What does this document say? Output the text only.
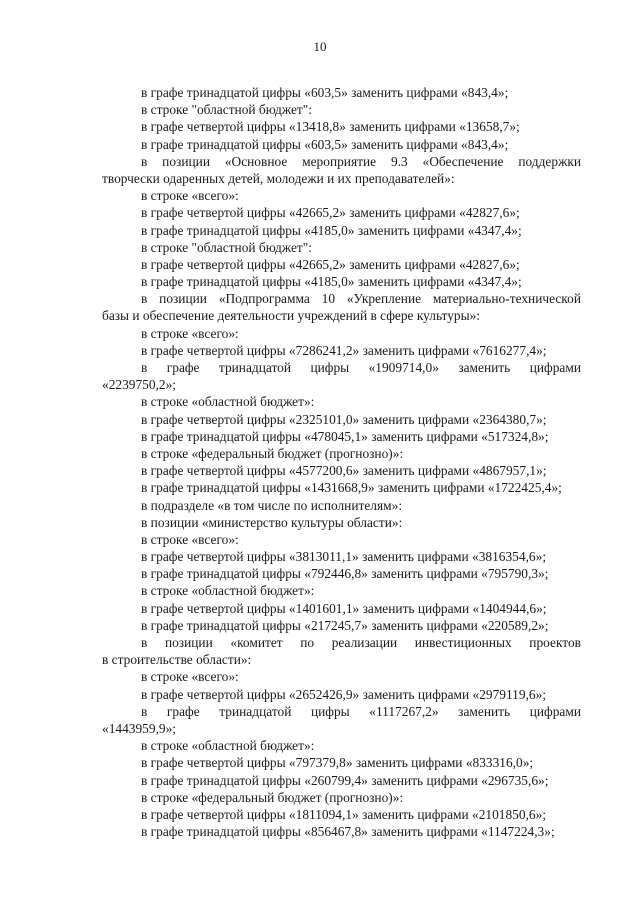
10
в графе тринадцатой цифры «603,5» заменить цифрами «843,4»;
в строке "областной бюджет":
в графе четвертой цифры «13418,8» заменить цифрами «13658,7»;
в графе тринадцатой цифры «603,5» заменить цифрами «843,4»;
в позиции «Основное мероприятие 9.3 «Обеспечение поддержки
творчески одаренных детей, молодежи и их преподавателей»:
в строке «всего»:
в графе четвертой цифры «42665,2» заменить цифрами «42827,6»;
в графе тринадцатой цифры «4185,0» заменить цифрами «4347,4»;
в строке "областной бюджет":
в графе четвертой цифры «42665,2» заменить цифрами «42827,6»;
в графе тринадцатой цифры «4185,0» заменить цифрами «4347,4»;
в позиции «Подпрограмма 10 «Укрепление материально-технической
базы и обеспечение деятельности учреждений в сфере культуры»:
в строке «всего»:
в графе четвертой цифры «7286241,2» заменить цифрами «7616277,4»;
в графе тринадцатой цифры «1909714,0» заменить цифрами
«2239750,2»;
в строке «областной бюджет»:
в графе четвертой цифры «2325101,0» заменить цифрами «2364380,7»;
в графе тринадцатой цифры «478045,1» заменить цифрами «517324,8»;
в строке «федеральный бюджет (прогнозно)»:
в графе четвертой цифры «4577200,6» заменить цифрами «4867957,1»;
в графе тринадцатой цифры «1431668,9» заменить цифрами «1722425,4»;
в подразделе «в том числе по исполнителям»:
в позиции «министерство культуры области»:
в строке «всего»:
в графе четвертой цифры «3813011,1» заменить цифрами «3816354,6»;
в графе тринадцатой цифры «792446,8» заменить цифрами «795790,3»;
в строке «областной бюджет»:
в графе четвертой цифры «1401601,1» заменить цифрами «1404944,6»;
в графе тринадцатой цифры «217245,7» заменить цифрами «220589,2»;
в позиции «комитет по реализации инвестиционных проектов
в строительстве области»:
в строке «всего»:
в графе четвертой цифры «2652426,9» заменить цифрами «2979119,6»;
в графе тринадцатой цифры «1117267,2» заменить цифрами
«1443959,9»;
в строке «областной бюджет»:
в графе четвертой цифры «797379,8» заменить цифрами «833316,0»;
в графе тринадцатой цифры «260799,4» заменить цифрами «296735,6»;
в строке «федеральный бюджет (прогнозно)»:
в графе четвертой цифры «1811094,1» заменить цифрами «2101850,6»;
в графе тринадцатой цифры «856467,8» заменить цифрами «1147224,3»;
